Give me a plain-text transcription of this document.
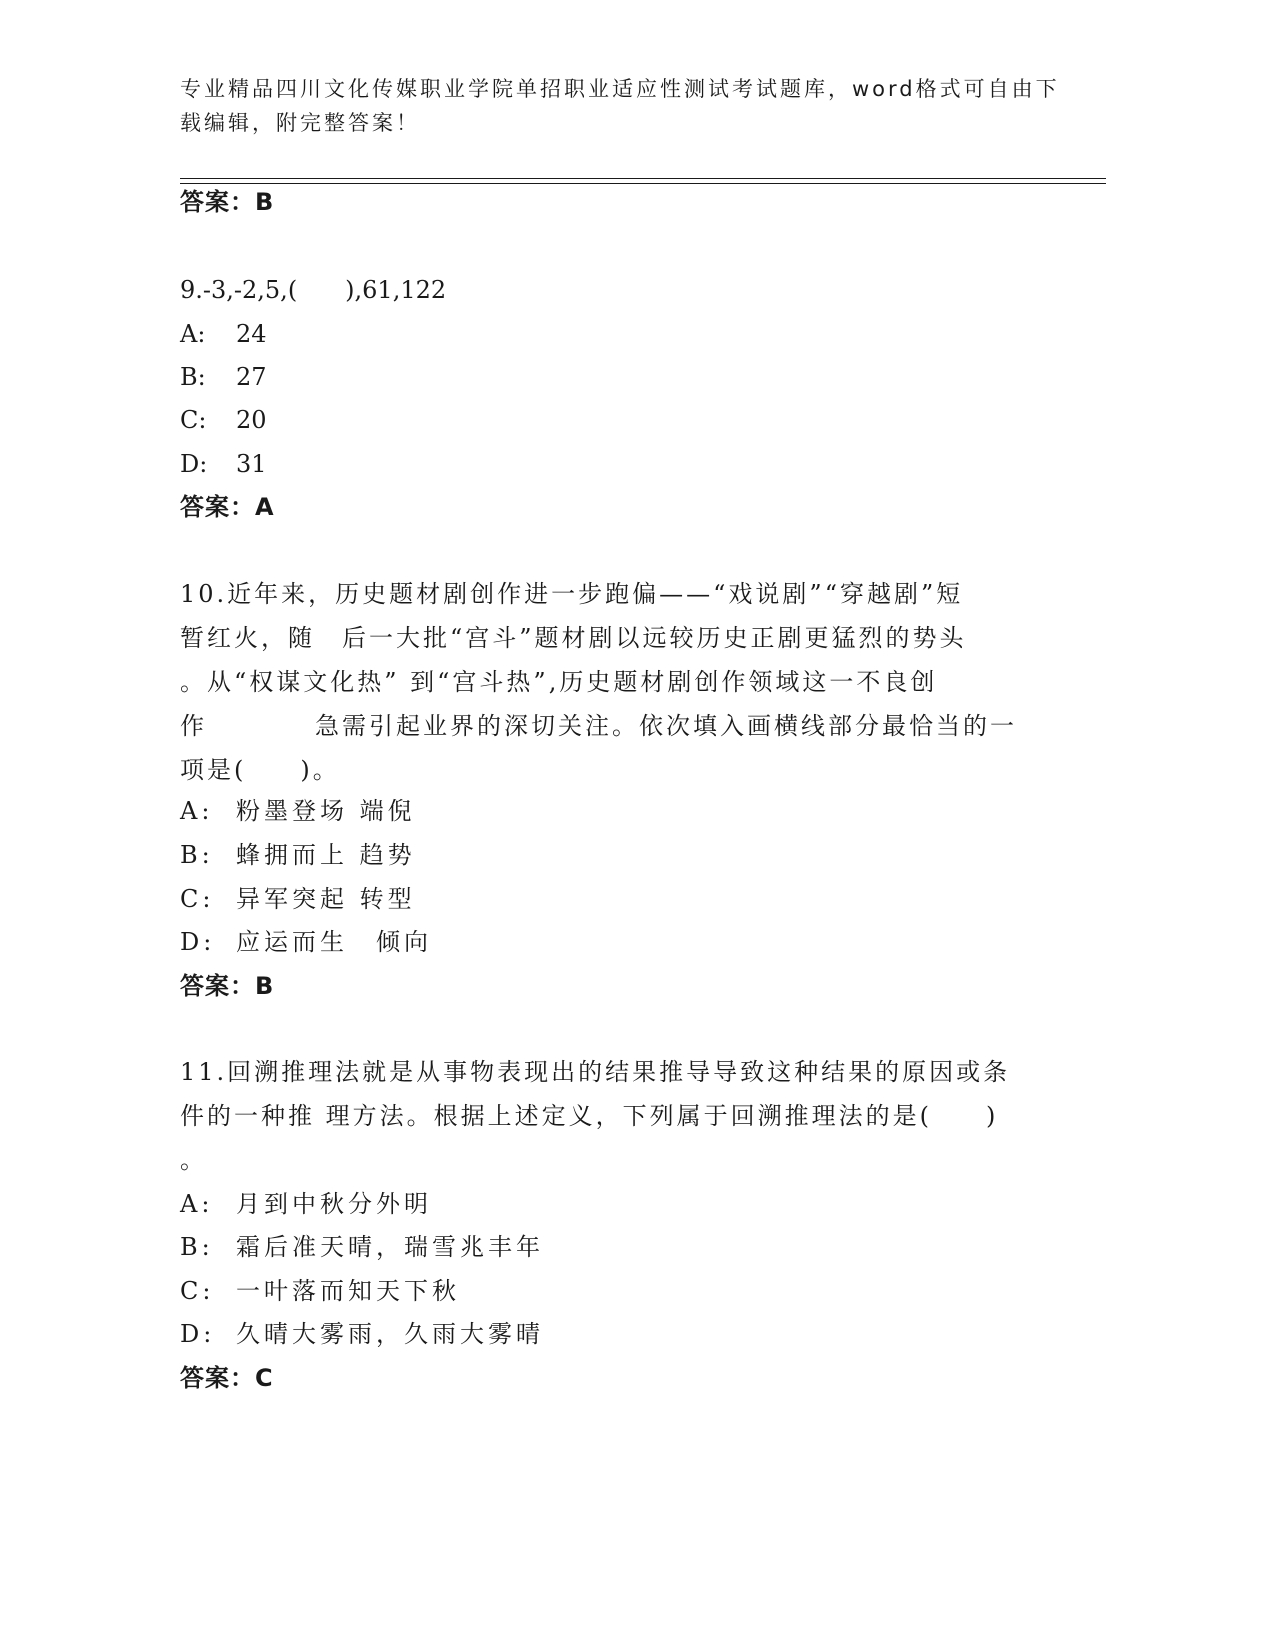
专业精品四川文化传媒职业学院单招职业适应性测试考试题库，word格式可自由下载编辑，附完整答案！
答案：B
9.-3,-2,5,(　　),61,122
A: 24
B: 27
C: 20
D: 31
答案：A
10.近年来，历史题材剧创作进一步跑偏——“戏说剧”“穿越剧”短
暂红火，随　后一大批“宫斗”题材剧以远较历史正剧更猛烈的势头
。从“权谋文化热” 到“宫斗热”,历史题材剧创作领域这一不良创
作　　　　急需引起业界的深切关注。依次填入画横线部分最恰当的一
项是(　　)。
A: 粉墨登场 端倪
B: 蜂拥而上 趋势
C: 异军突起 转型
D: 应运而生　倾向
答案：B
11.回溯推理法就是从事物表现出的结果推导导致这种结果的原因或条
件的一种推 理方法。根据上述定义，下列属于回溯推理法的是(　　)
。
A: 月到中秋分外明
B: 霜后准天晴，瑞雪兆丰年
C: 一叶落而知天下秋
D: 久晴大雾雨，久雨大雾晴
答案：C
